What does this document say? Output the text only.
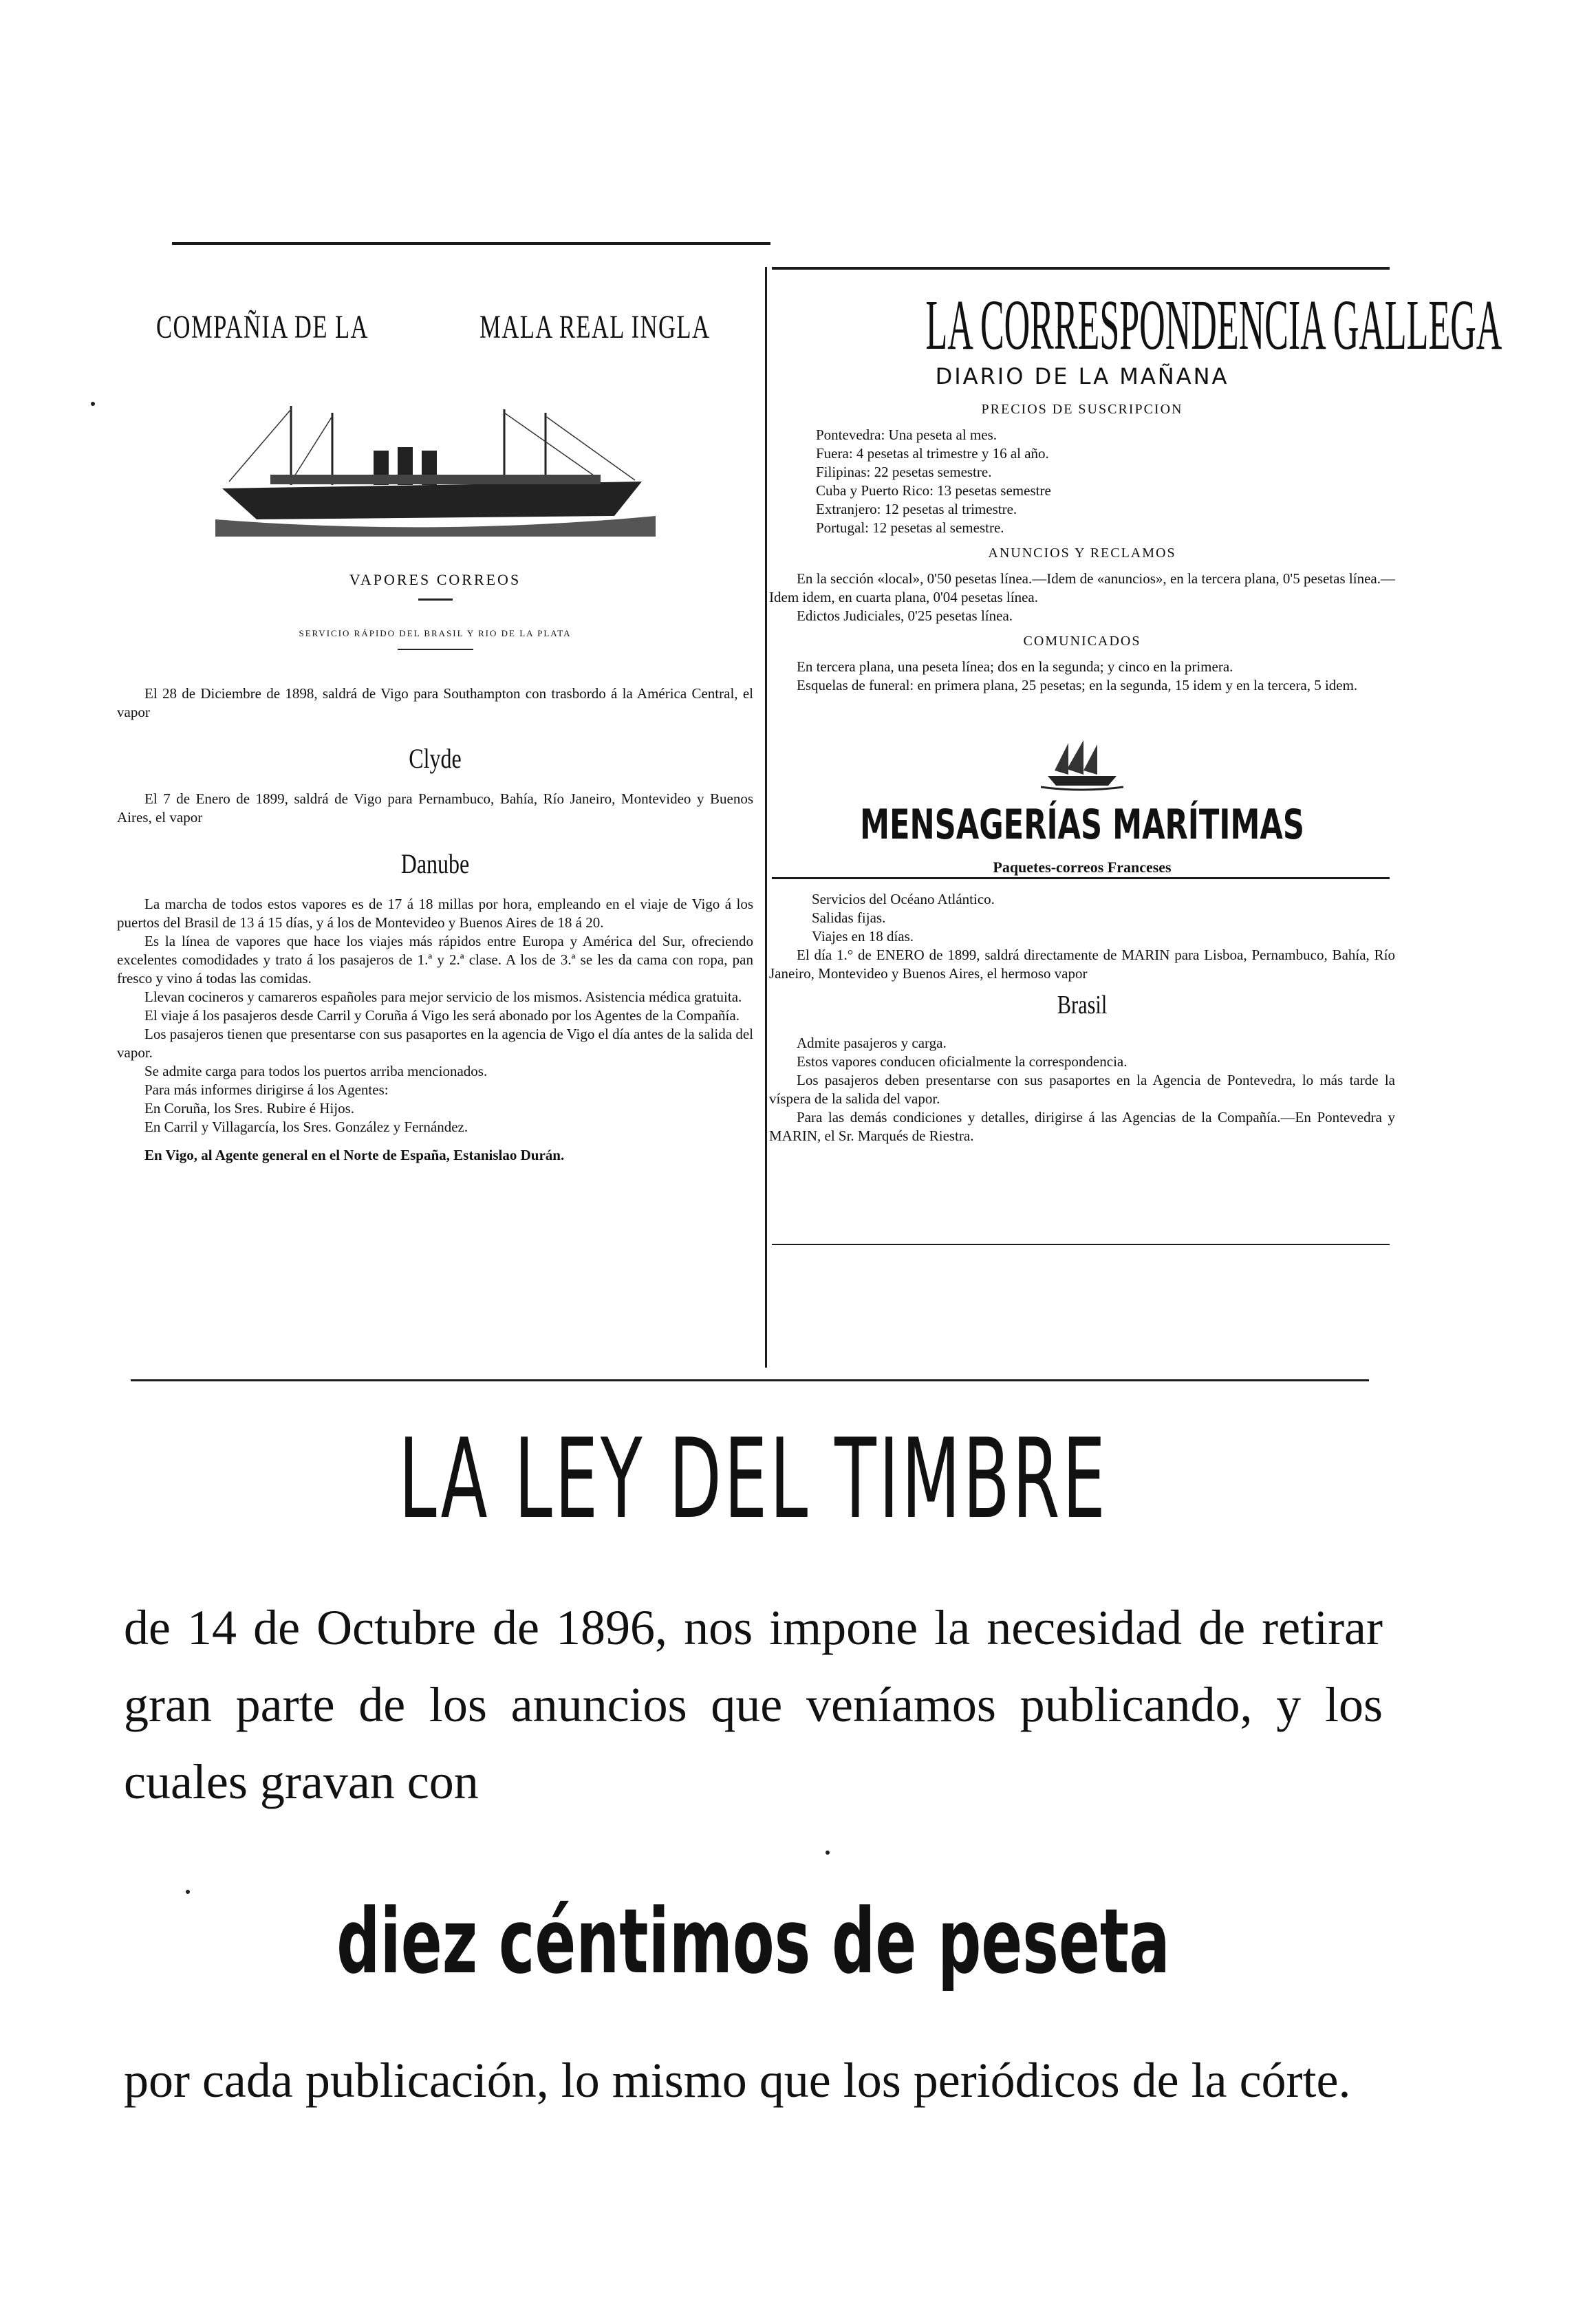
COMPAÑIA DE LA	MALA REAL INGLA
VAPORES CORREOS
SERVICIO RÁPIDO DEL BRASIL Y RIO DE LA PLATA

El 28 de Diciembre de 1898, saldrá de Vigo para Southampton con trasbordo á la América Central, el vapor

Clyde

El 7 de Enero de 1899, saldrá de Vigo para Pernambuco, Bahía, Río Janeiro, Montevideo y Buenos Aires, el vapor

Danube

La marcha de todos estos vapores es de 17 á 18 millas por hora, empleando en el viaje de Vigo á los puertos del Brasil de 13 á 15 días, y á los de Montevideo y Buenos Aires de 18 á 20.

Es la línea de vapores que hace los viajes más rápidos entre Europa y América del Sur, ofreciendo excelentes comodidades y trato á los pasajeros de 1.ª y 2.ª clase. A los de 3.ª se les da cama con ropa, pan fresco y vino á todas las comidas.

Llevan cocineros y camareros españoles para mejor servicio de los mismos. Asistencia médica gratuita.

El viaje á los pasajeros desde Carril y Coruña á Vigo les será abonado por los Agentes de la Compañía.

Los pasajeros tienen que presentarse con sus pasaportes en la agencia de Vigo el día antes de la salida del vapor.

Se admite carga para todos los puertos arriba mencionados.

Para más informes dirigirse á los Agentes:

En Coruña, los Sres. Rubire é Hijos.

En Carril y Villagarcía, los Sres. González y Fernández.

En Vigo, al Agente general en el Norte de España, Estanislao Durán.

LA CORRESPONDENCIA GALLEGA
DIARIO DE LA MAÑANA
PRECIOS DE SUSCRIPCION

Pontevedra: Una peseta al mes.

Fuera: 4 pesetas al trimestre y 16 al año.

Filipinas: 22 pesetas semestre.

Cuba y Puerto Rico: 13 pesetas semestre

Extranjero: 12 pesetas al trimestre.

Portugal: 12 pesetas al semestre.

ANUNCIOS Y RECLAMOS

En la sección «local», 0'50 pesetas línea.—Idem de «anuncios», en la tercera plana, 0'5 pesetas línea.—Idem idem, en cuarta plana, 0'04 pesetas línea.

Edictos Judiciales, 0'25 pesetas línea.

COMUNICADOS

En tercera plana, una peseta línea; dos en la segunda; y cinco en la primera.

Esquelas de funeral: en primera plana, 25 pesetas; en la segunda, 15 idem y en la tercera, 5 idem.

MENSAGERÍAS MARÍTIMAS
Paquetes-correos Franceses

Servicios del Océano Atlántico.

Salidas fijas.

Viajes en 18 días.

El día 1.° de ENERO de 1899, saldrá directamente de MARIN para Lisboa, Pernambuco, Bahía, Río Janeiro, Montevideo y Buenos Aires, el hermoso vapor

Brasil

Admite pasajeros y carga.

Estos vapores conducen oficialmente la correspondencia.

Los pasajeros deben presentarse con sus pasaportes en la Agencia de Pontevedra, lo más tarde la víspera de la salida del vapor.

Para las demás condiciones y detalles, dirigirse á las Agencias de la Compañía.—En Pontevedra y MARIN, el Sr. Marqués de Riestra.

LA LEY DEL TIMBRE

de 14 de Octubre de 1896, nos impone la necesidad de retirar gran parte de los anuncios que veníamos publicando, y los cuales gravan con

diez céntimos de peseta

por cada publicación, lo mismo que los periódicos de la córte.
